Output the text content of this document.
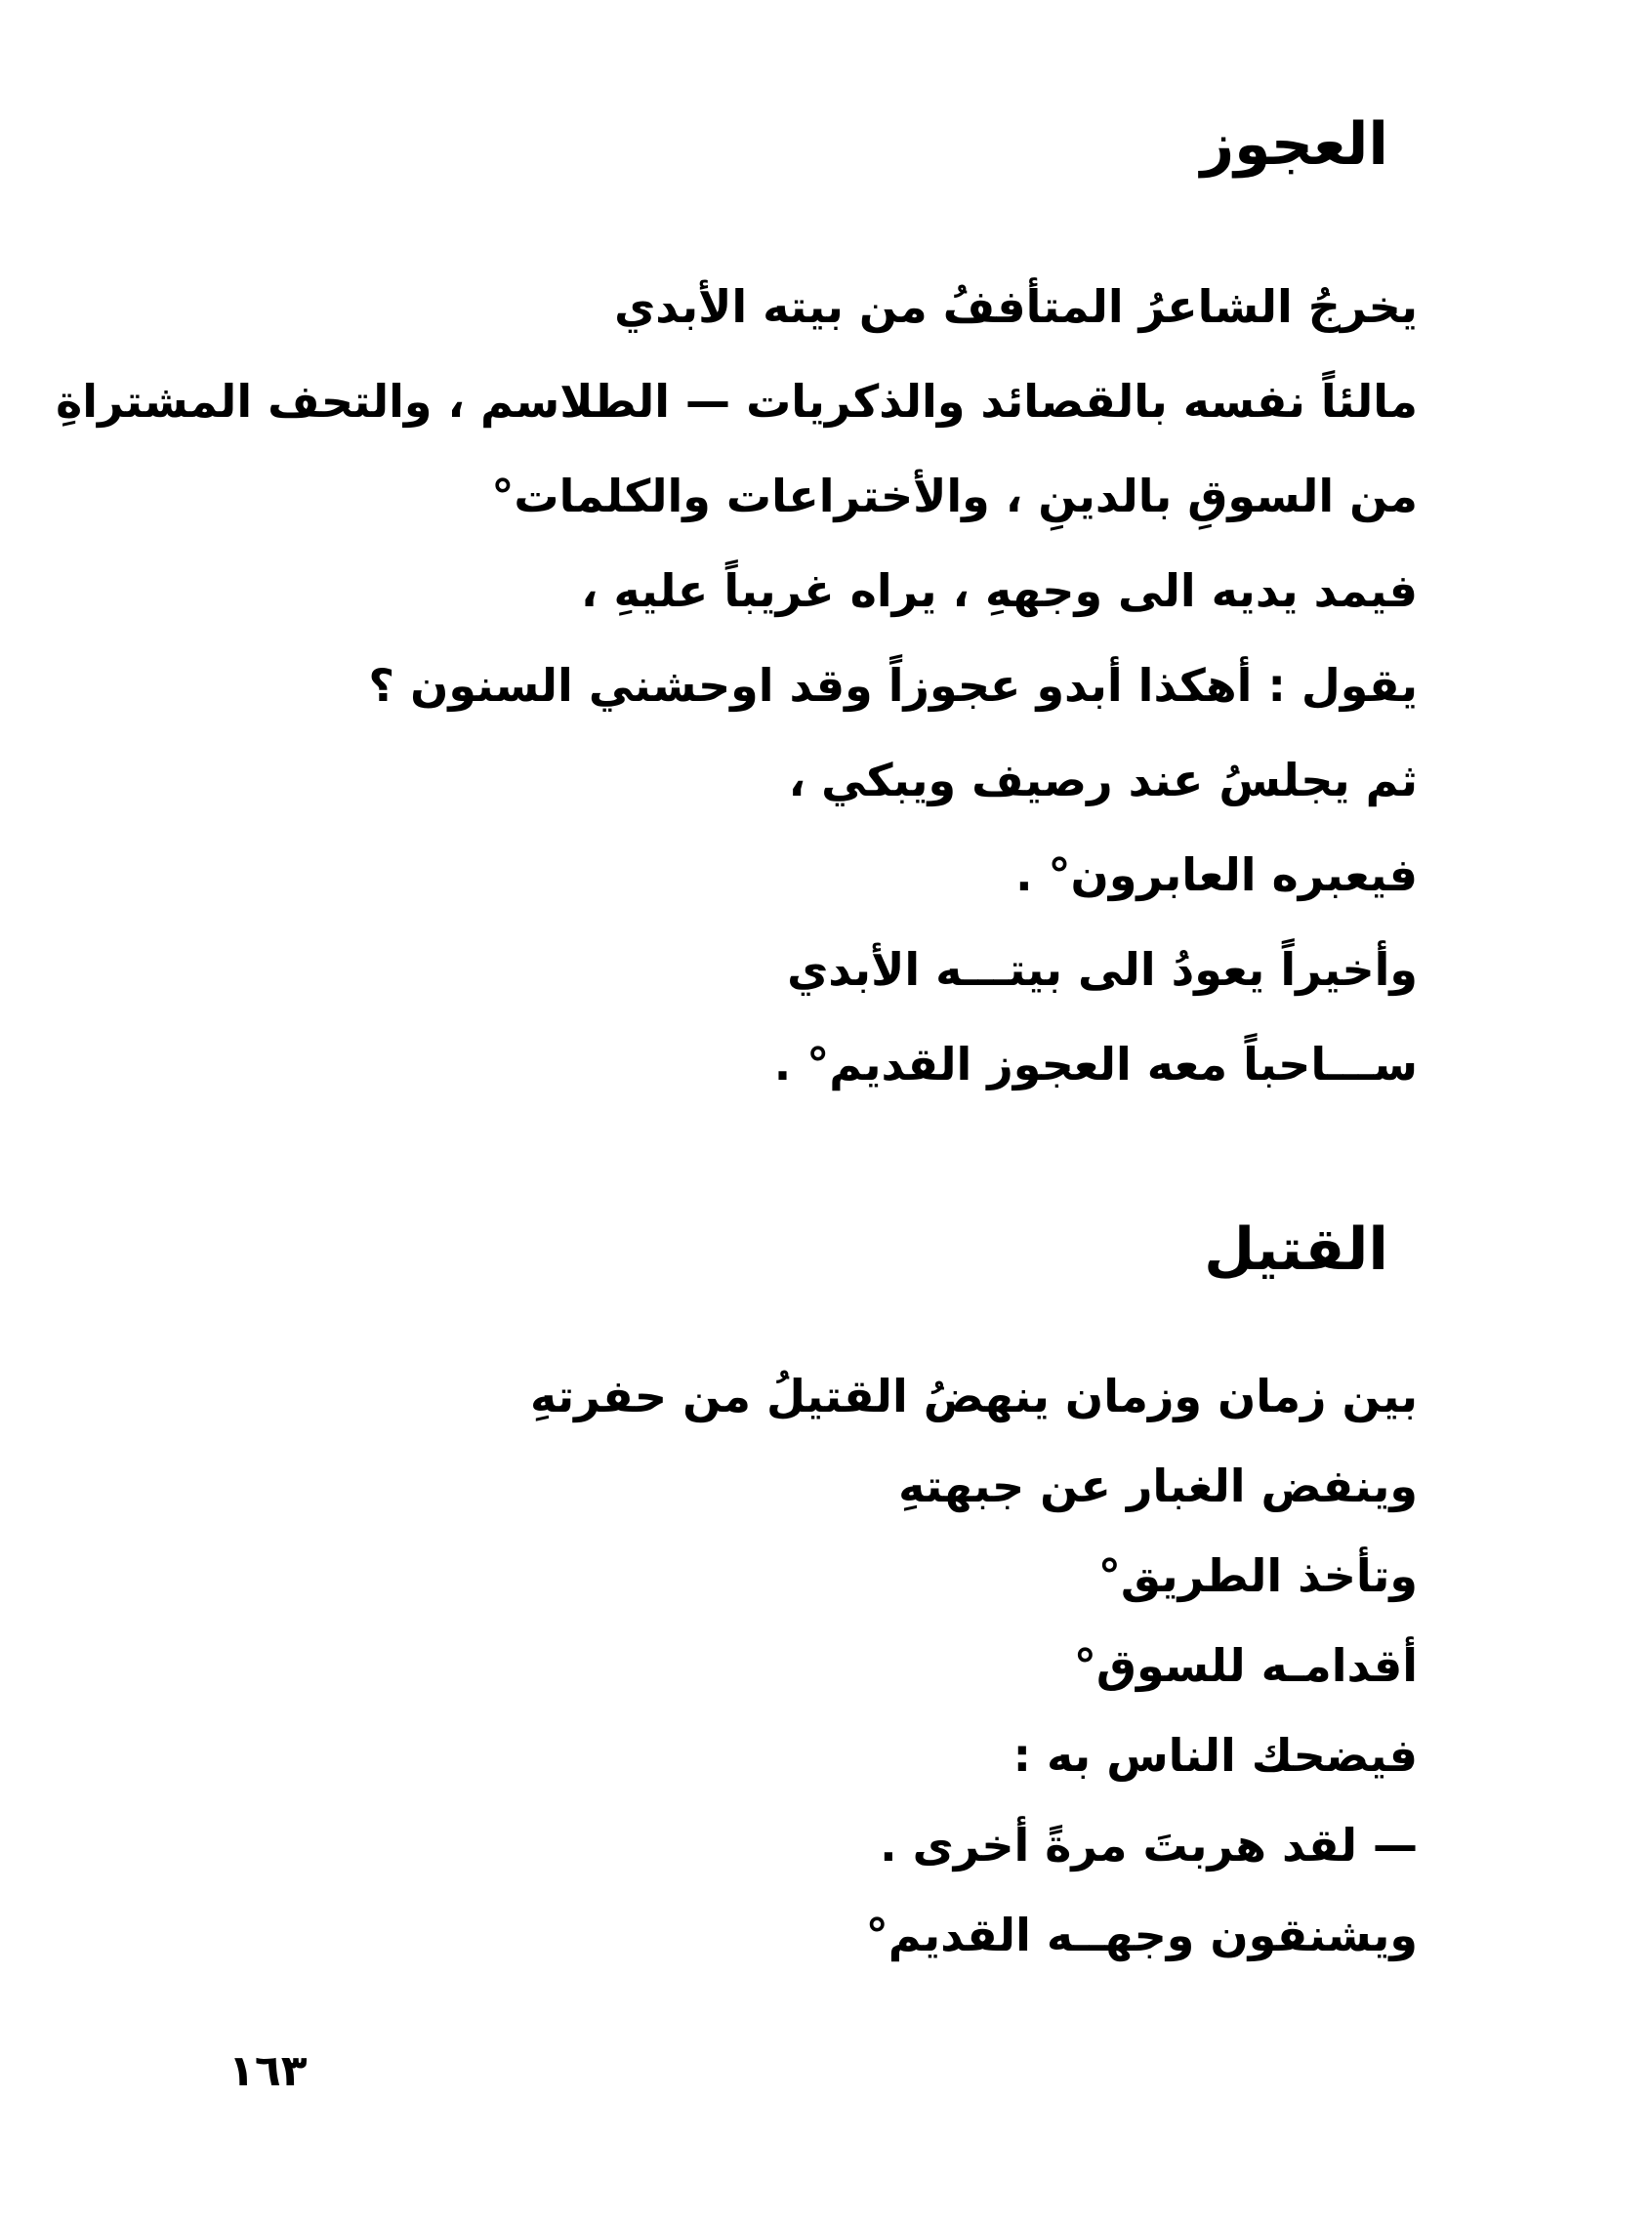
العجوز

يخرجُ الشاعرُ المتأففُ من بيته الأبدي

مالئاً نفسه بالقصائد والذكريات — الطلاسم ، والتحف المشتراةِ

من السوقِ بالدينِ ، والأختراعات والكلمات°

فيمد يديه الى وجههِ ، يراه غريباً عليهِ ،

يقول : أهكذا أبدو عجوزاً وقد اوحشني السنون ؟

ثم يجلسُ عند رصيف ويبكي ،

فيعبره العابرون° .

وأخيراً يعودُ الى بيتـــه الأبدي

ســـاحباً معه العجوز القديم° .

القتيل

بين زمان وزمان ينهضُ القتيلُ من حفرتهِ

وينفض الغبار عن جبهتهِ

وتأخذ الطريق°

أقدامـه للسوق°

فيضحك الناس به :

— لقد هربتَ مرةً أخرى .

ويشنقون وجهــه القديم°

١٦٣
